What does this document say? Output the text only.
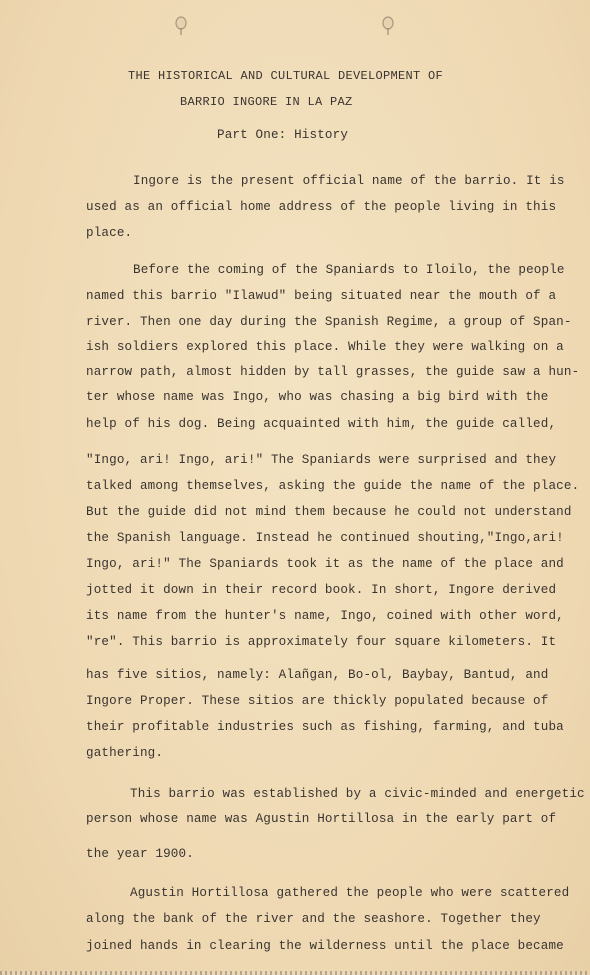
THE HISTORICAL AND CULTURAL DEVELOPMENT OF
BARRIO INGORE IN LA PAZ
Part One: History
Ingore is the present official name of the barrio. It is
used as an official home address of the people living in this
place.
Before the coming of the Spaniards to Iloilo, the people
named this barrio "Ilawud" being situated near the mouth of a
river. Then one day during the Spanish Regime, a group of Span-
ish soldiers explored this place. While they were walking on a
narrow path, almost hidden by tall grasses, the guide saw a hun-
ter whose name was Ingo, who was chasing a big bird with the
help of his dog. Being acquainted with him, the guide called,
"Ingo, ari! Ingo, ari!" The Spaniards were surprised and they
talked among themselves, asking the guide the name of the place.
But the guide did not mind them because he could not understand
the Spanish language. Instead he continued shouting,"Ingo,ari!
Ingo, ari!" The Spaniards took it as the name of the place and
jotted it down in their record book. In short, Ingore derived
its name from the hunter's name, Ingo, coined with other word,
"re". This barrio is approximately four square kilometers. It
has five sitios, namely: Alañgan, Bo-ol, Baybay, Bantud, and
Ingore Proper. These sitios are thickly populated because of
their profitable industries such as fishing, farming, and tuba
gathering.
This barrio was established by a civic-minded and energetic
person whose name was Agustin Hortillosa in the early part of
the year 1900.
Agustin Hortillosa gathered the people who were scattered
along the bank of the river and the seashore. Together they
joined hands in clearing the wilderness until the place became
